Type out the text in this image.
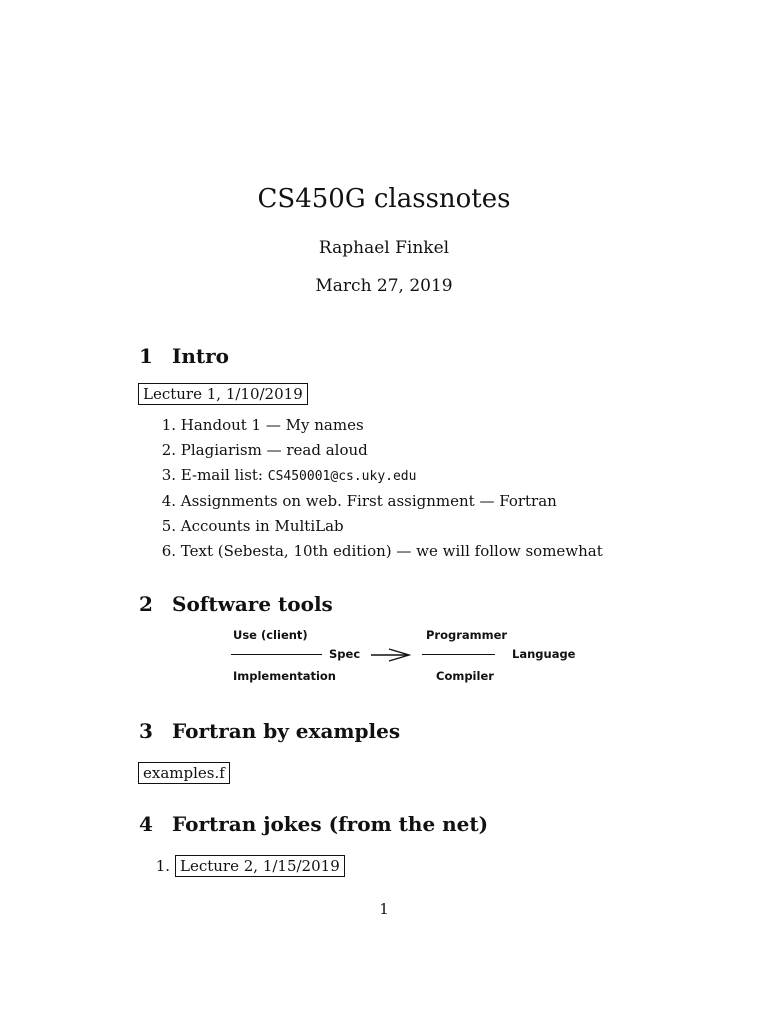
CS450G classnotes
Raphael Finkel
March 27, 2019
1 Intro
Lecture 1, 1/10/2019
1. Handout 1 — My names
2. Plagiarism — read aloud
3. E-mail list: CS450001@cs.uky.edu
4. Assignments on web. First assignment — Fortran
5. Accounts in MultiLab
6. Text (Sebesta, 10th edition) — we will follow somewhat
2 Software tools
Use (client)
Implementation
Spec
Programmer
Compiler
Language
3 Fortran by examples
examples.f
4 Fortran jokes (from the net)
1. Lecture 2, 1/15/2019
1
